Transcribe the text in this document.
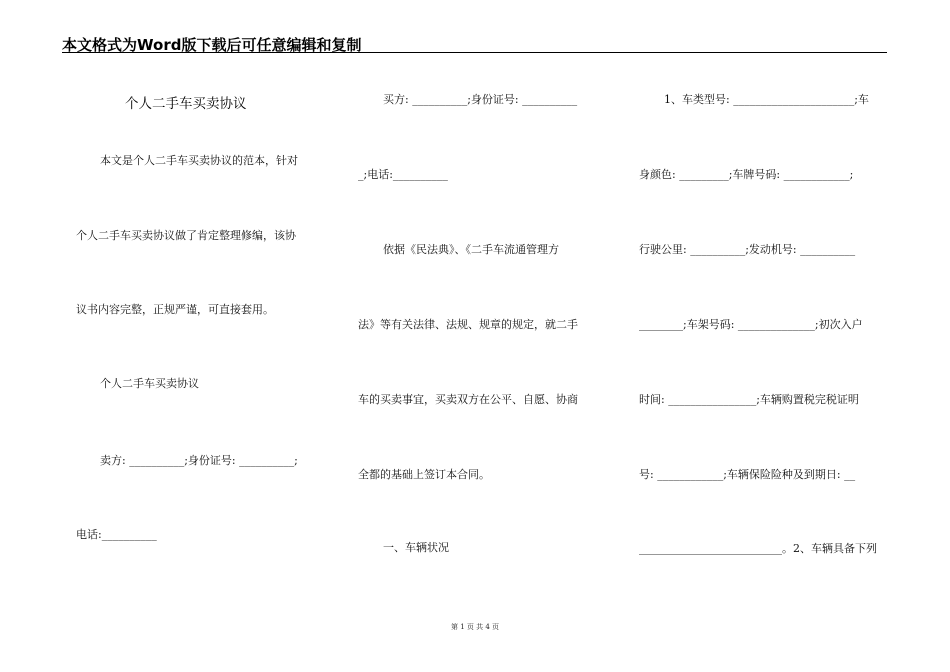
本文格式为Word版下载后可任意编辑和复制
个人二手车买卖协议
本文是个人二手车买卖协议的范本，针对
个人二手车买卖协议做了肯定整理修编，该协
议书内容完整，正规严谨，可直接套用。
个人二手车买卖协议
卖方: __________;身份证号: __________;
电话:__________
买方: __________;身份证号: __________
_;电话:__________
依据《民法典》、《二手车流通管理方
法》等有关法律、法规、规章的规定，就二手
车的买卖事宜，买卖双方在公平、自愿、协商
全都的基础上签订本合同。
一、车辆状况
1、车类型号: ______________________;车
身颜色: _________;车牌号码: ____________;
行驶公里: __________;发动机号: __________
________;车架号码: ______________;初次入户
时间: ________________;车辆购置税完税证明
号: ____________;车辆保险险种及到期日: __
__________________________。2、车辆具备下列
第 1 页 共 4 页
